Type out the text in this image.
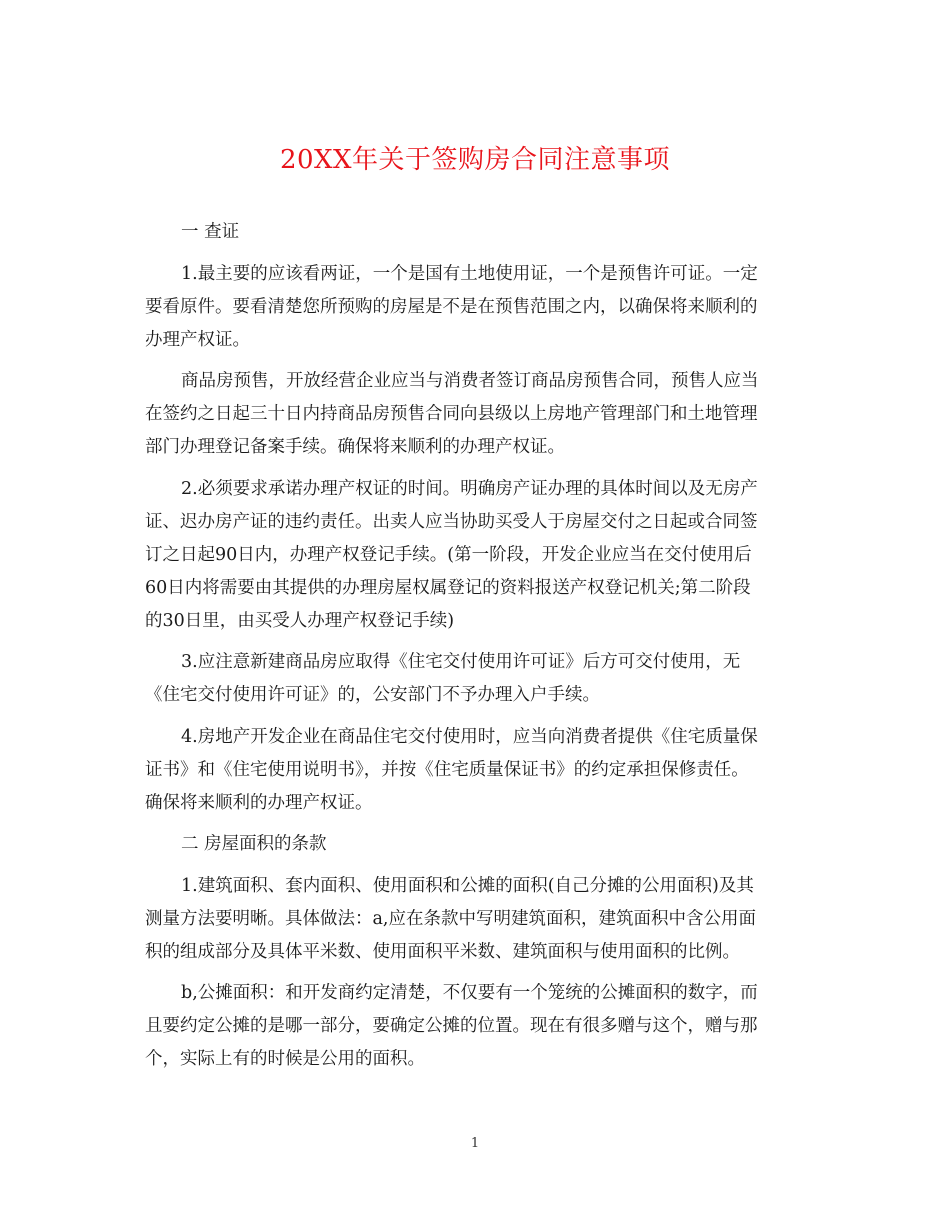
20XX年关于签购房合同注意事项

一 查证

1.最主要的应该看两证，一个是国有土地使用证，一个是预售许可证。一定
要看原件。要看清楚您所预购的房屋是不是在预售范围之内，以确保将来顺利的
办理产权证。

商品房预售，开放经营企业应当与消费者签订商品房预售合同，预售人应当
在签约之日起三十日内持商品房预售合同向县级以上房地产管理部门和土地管理
部门办理登记备案手续。确保将来顺利的办理产权证。

2.必须要求承诺办理产权证的时间。明确房产证办理的具体时间以及无房产
证、迟办房产证的违约责任。出卖人应当协助买受人于房屋交付之日起或合同签
订之日起90日内，办理产权登记手续。(第一阶段，开发企业应当在交付使用后
60日内将需要由其提供的办理房屋权属登记的资料报送产权登记机关;第二阶段
的30日里，由买受人办理产权登记手续)

3.应注意新建商品房应取得《住宅交付使用许可证》后方可交付使用，无
《住宅交付使用许可证》的，公安部门不予办理入户手续。

4.房地产开发企业在商品住宅交付使用时，应当向消费者提供《住宅质量保
证书》和《住宅使用说明书》，并按《住宅质量保证书》的约定承担保修责任。
确保将来顺利的办理产权证。

二 房屋面积的条款

1.建筑面积、套内面积、使用面积和公摊的面积(自己分摊的公用面积)及其
测量方法要明晰。具体做法：a,应在条款中写明建筑面积，建筑面积中含公用面
积的组成部分及具体平米数、使用面积平米数、建筑面积与使用面积的比例。

b,公摊面积：和开发商约定清楚，不仅要有一个笼统的公摊面积的数字，而
且要约定公摊的是哪一部分，要确定公摊的位置。现在有很多赠与这个，赠与那
个，实际上有的时候是公用的面积。

1
